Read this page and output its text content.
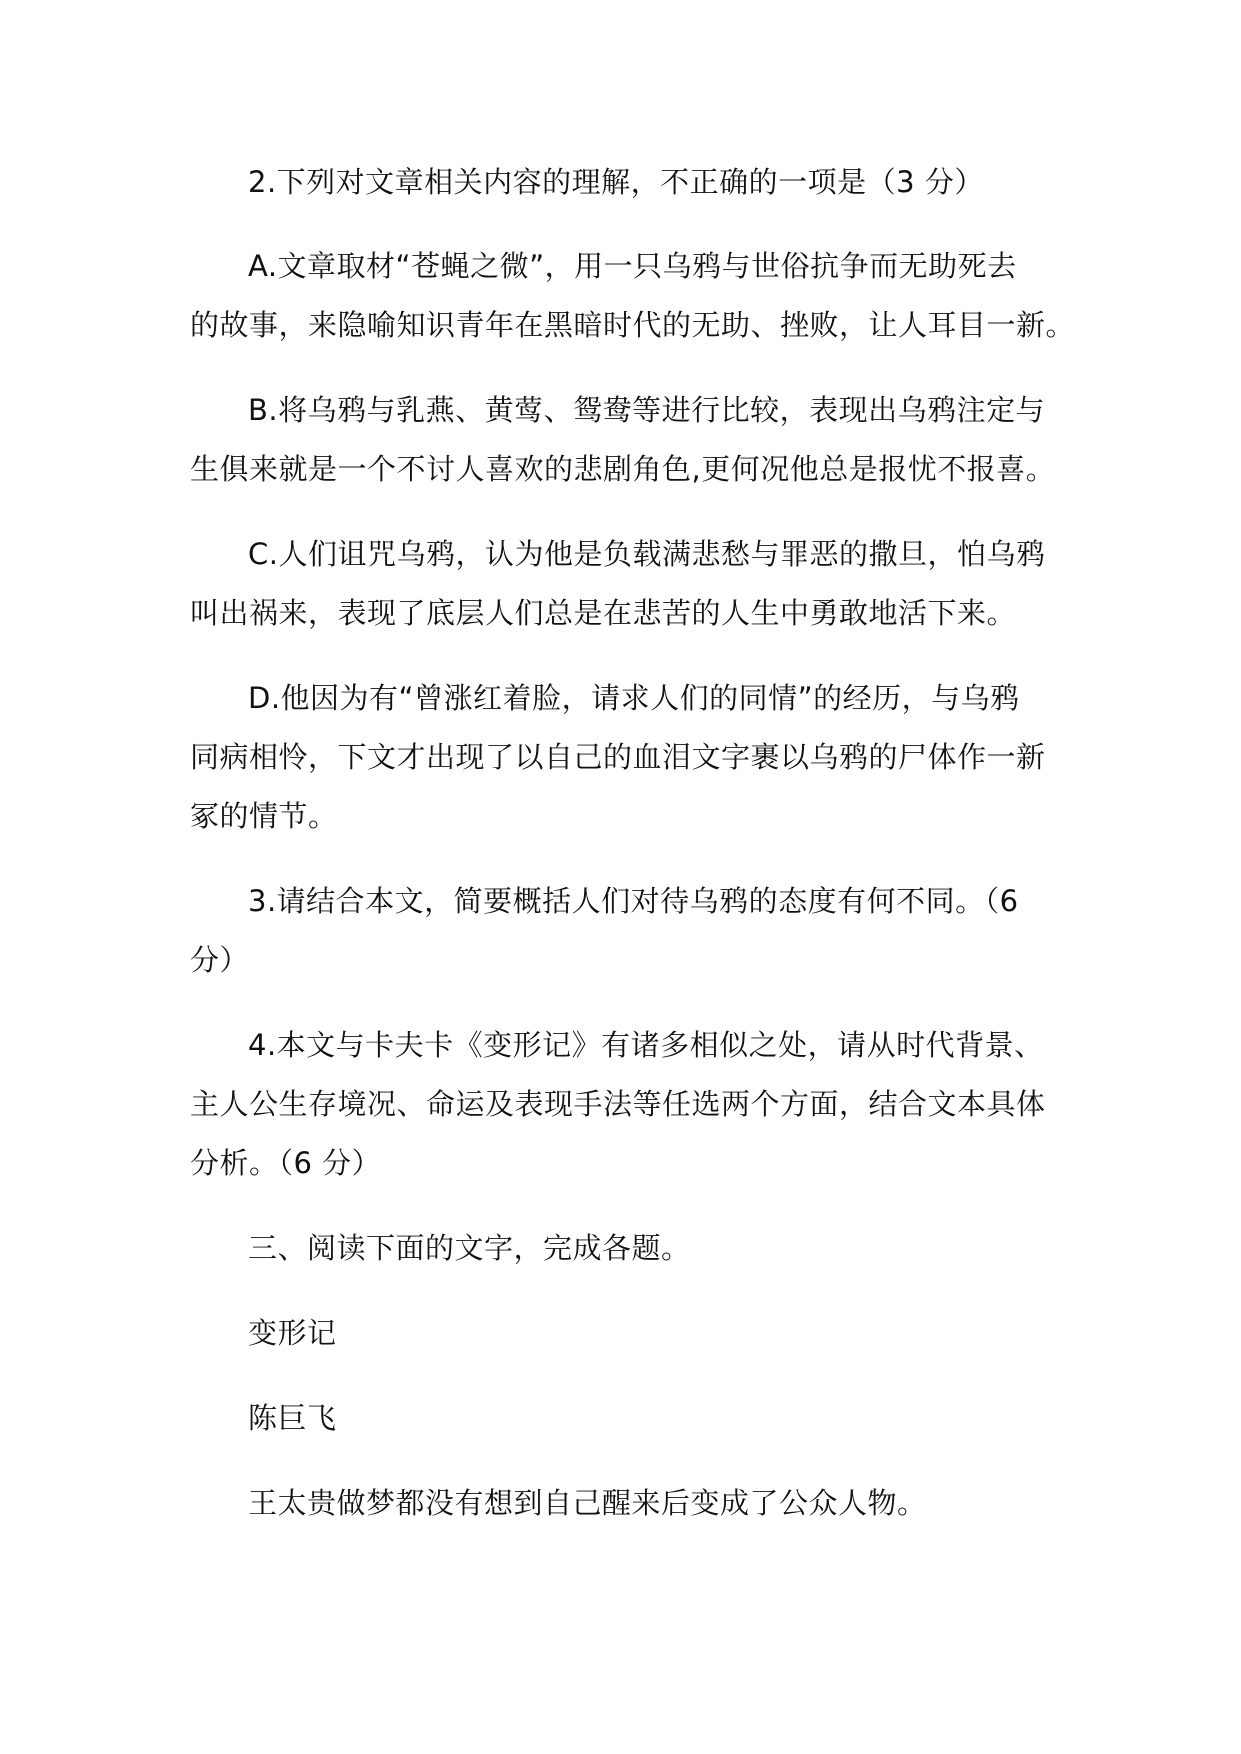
2.下列对文章相关内容的理解，不正确的一项是（3 分）
A.文章取材“苍蝇之微”，用一只乌鸦与世俗抗争而无助死去
的故事，来隐喻知识青年在黑暗时代的无助、挫败，让人耳目一新。
B.将乌鸦与乳燕、黄莺、鸳鸯等进行比较，表现出乌鸦注定与
生俱来就是一个不讨人喜欢的悲剧角色,更何况他总是报忧不报喜。
C.人们诅咒乌鸦，认为他是负载满悲愁与罪恶的撒旦，怕乌鸦
叫出祸来，表现了底层人们总是在悲苦的人生中勇敢地活下来。
D.他因为有“曾涨红着脸，请求人们的同情”的经历，与乌鸦
同病相怜，下文才出现了以自己的血泪文字裹以乌鸦的尸体作一新
冢的情节。
3.请结合本文，简要概括人们对待乌鸦的态度有何不同。（6
分）
4.本文与卡夫卡《变形记》有诸多相似之处，请从时代背景、
主人公生存境况、命运及表现手法等任选两个方面，结合文本具体
分析。（6 分）
三、阅读下面的文字，完成各题。
变形记
陈巨飞
王太贵做梦都没有想到自己醒来后变成了公众人物。
